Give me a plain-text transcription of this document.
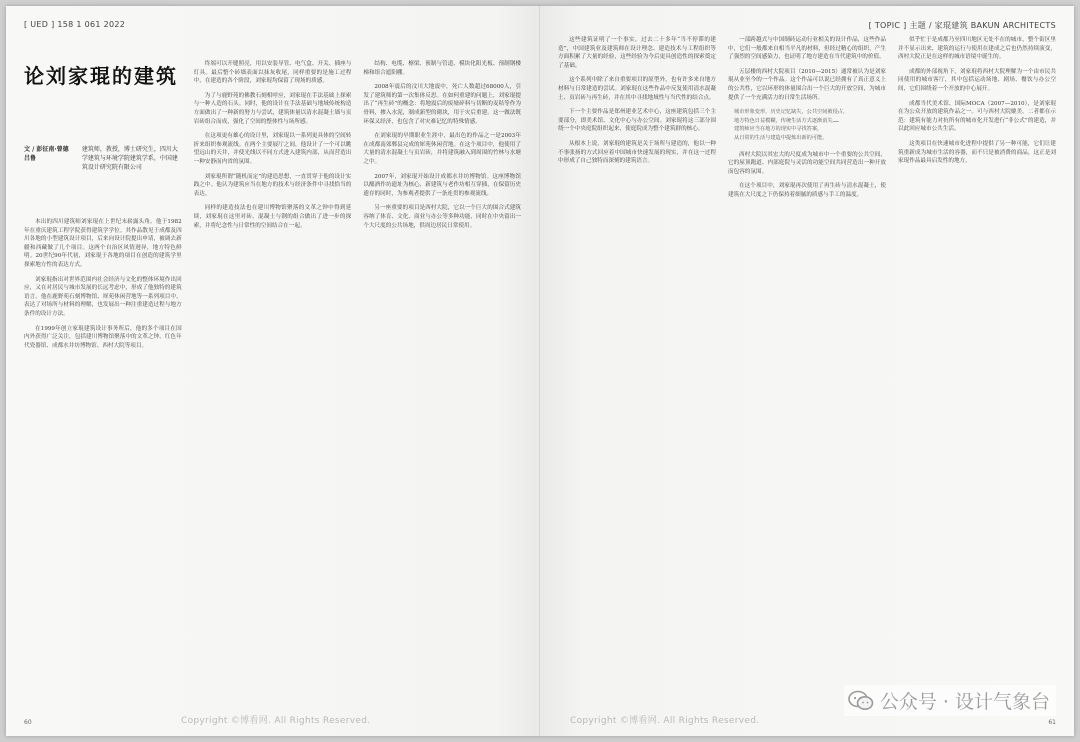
[ UED ] 158 1 061 2022
论刘家琨的建筑
文 / 彭征南·曾德 吕鲁
建筑师，教授，博士研究生，四川大学建筑与环境学院建筑学系，中国建筑设计研究院有限公司

本出的四川建筑师刘家琨在上世纪末崭露头角。他于1982年在重庆建筑工程学院获得建筑学学位。其作品散见于成都及四川各地的小型建筑设计项目，后来向设计院提出申请，被调去新疆和西藏做了几个项目。这两个自治区风情迥异，地方特色鲜明。20世纪90年代初，刘家琨于各地的项目在创造的建筑学里探索地方性的表达方式。

刘家琨指出对世界范围内社会经济与文化的整体环境作出回应，又在对居民与城市发展的长远考虑中，形成了他独特的建筑语言。他在鹿野苑石刻博物馆、犀苑休闲营地等一系列项目中，表达了对场所与材料的理解，也发展出一种注重建造过程与地方条件的设计方法。

在1999年创立家琨建筑设计事务所后，他的多个项目在国内外获得广泛关注，包括建川博物馆聚落中的文革之钟、红色年代瓷器馆、成都水井坊博物馆、西村大院等项目。

终端可以开缝照亮，用以安装导管、电气盒、开关、插座与灯具。最后整个砖墙表面以抹灰收尾，同样重要的是施工过程中，在建造的各个阶段，刘家琨均保留了现场的质感。

为了与鹿野苑的佛教石刻相呼应，刘家琨在手法基础上探索与一种人造的石头。同时，他的设计在手法基础与地域传统构造方面做出了一种新的努力与尝试，建筑体量以清水混凝土墙与页岩砖组合而成，强化了空间的整体性与场所感。

在这项更有雄心的设计里，刘家琨以一系列更具体的空间转折来组织参观流线。在两个主要展厅之间，他设计了一个可以眺望远山的天井，并使光线以不同方式进入建筑内部，从而营造出一种安静而内省的氛围。

刘家琨所谓“随机而定”的建造思想，一直贯穿于他的设计实践之中。他认为建筑应当在地方的技术与经济条件中寻找恰当的表达。

同样的建造技法也在建川博物馆聚落的文革之钟中得到延续，刘家琨在这里对砖、混凝土与钢的组合做出了进一步的探索，并将纪念性与日常性的空间结合在一起。

结构、电缆、檩梁、预制与管道、模块化阳光板、预制钢楼梯和组合遮阳棚。

2008年震后的汶川大地震中，死亡人数超过68000人，引发了建筑师的第一次集体反思。在如何重建的问题上，刘家琨提出了“再生砖”的概念：将地震后的废墟碎料与切断的麦秸等作为骨料，掺入水泥，制成新型的砌块，用于灾后重建。这一做法既环保又经济，也包含了对灾难记忆的特殊情感。

在刘家琨的早期职业生涯中，最出色的作品之一是2003年在成都南郊郫县完成的犀苑休闲营地。在这个项目中，他使用了大量的清水混凝土与页岩砖，并将建筑融入到周围的竹林与水塘之中。

2007年，刘家琨开始设计成都水井坊博物馆。这座博物馆以酿酒作坊遗址为核心，新建筑与老作坊相互穿插，在保留历史遗存的同时，为参观者提供了一条连贯的参观流线。

另一座重要的项目是西村大院，它以一个巨大的围合式建筑容纳了体育、文化、商业与办公等多种功能，同时在中央留出一个大尺度的公共场地，供周边居民日常使用。

60	Copyright ©博看网. All Rights Reserved.
[ TOPIC ] 主题 / 家琨建筑 BAKUN ARCHITECTS

这些建筑证明了一个事实，过去二十多年“当不停滞的建造”，中国建筑业及建筑师在设计理念、建造技术与工程组织等方面积累了大量的经验，这些经验为今后更具创造性的探索奠定了基础。

这个系列中除了来自重要项目的原型外，也有许多来自地方材料与日常建造的尝试。刘家琨在这些作品中反复使用清水混凝土、页岩砖与再生砖，并在其中寻找地域性与当代性的结合点。

下一个主要作品是郑州建业艺术中心，这座建筑包括三个主要部分，即美术馆、文化中心与办公空间。刘家琨将这三部分围绕一个中央庭院组织起来，使庭院成为整个建筑群的核心。

从根本上说，刘家琨的建筑是关于场所与建造的，他以一种不事张扬的方式回应着中国城市快速发展的现实，并在这一过程中形成了自己独特而深刻的建筑语言。

一部跨越式与中国制砖运动行业相关的设计作品，这些作品中，它们一般都来自相当平凡的材料，但经过精心的组织，产生了强烈的空间感染力，也证明了地方建造在当代建筑中的价值。

五层楼的西村大院项目（2010—2015）通常被认为是刘家琨从业至今的一个作品。这个作品可以说已经拥有了真正意义上的公共性，它以环形的体量围合出一个巨大的开放空间，为城市提供了一个充满活力的日常生活场所。

城市形象变形，历史记忆缺失，公共空间被侵占，
地方特色日益模糊，传统生活方式逐渐消失……
建筑师应当在地方的现实中寻找答案，
从日常的生活与建造中提炼出新的可能。

西村大院以其宏大的尺度成为城市中一个重要的公共空间，它的屋顶跑道、内部庭院与灵活的功能空间共同营造出一种开放而包容的氛围。

在这个项目中，刘家琨再次使用了再生砖与清水混凝土，使建筑在大尺度之下仍保持着细腻的质感与手工的温度。

似乎忙于是成都乃至四川地区无处不在的城市，整个街区里并不显示出来，建筑的运行与使用在建成之后也仍然持续演变，西村大院正是在这样的城市语境中诞生的。

成都的外部视角下，刘家琨将西村大院理解为一个由市民共同使用的城市客厅，其中包括运动场地、剧场、餐饮与办公空间，它们围绕着一个开放的中心展开。

成都当代美术馆、国际MOCA（2007—2010），是刘家琨在为公众开放的建筑作品之一。可与西村大院媲美。二者都在示范：建筑有能力对抗所有的城市化开发进行“非公式”的建造，并以此回应城市公共生活。

这类项目在快速城市化进程中提供了另一种可能，它们让建筑重新成为城市生活的容器，而不只是被消费的商品，这正是刘家琨作品最具启发性的地方。

61
Copyright ©博看网. All Rights Reserved.
公众号 · 设计气象台
